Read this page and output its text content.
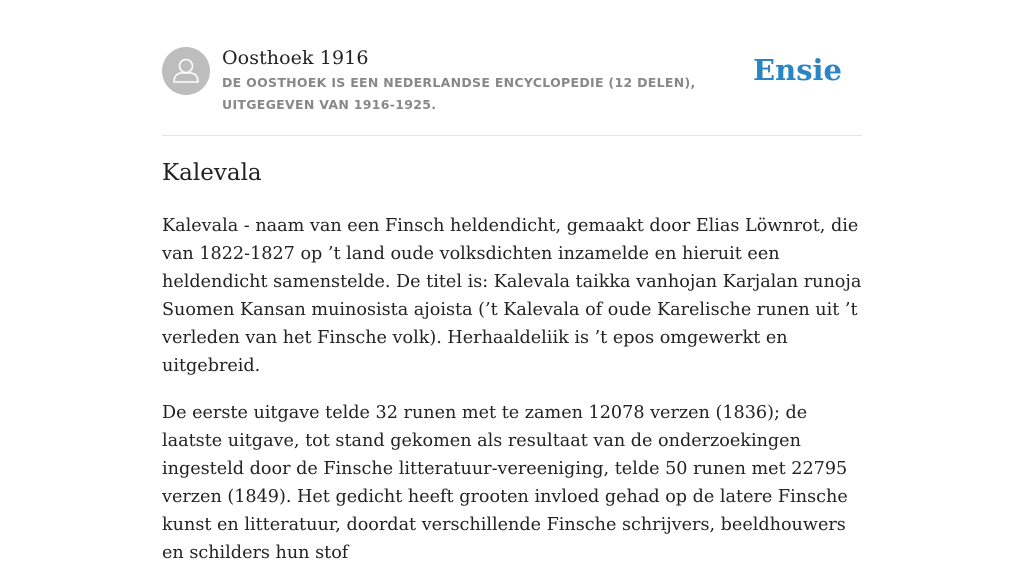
Oosthoek 1916
DE OOSTHOEK IS EEN NEDERLANDSE ENCYCLOPEDIE (12 DELEN), UITGEGEVEN VAN 1916-1925.
Ensie
Kalevala

Kalevala - naam van een Finsch heldendicht, gemaakt door Elias Löwnrot, die van 1822-1827 op ’t land oude volksdichten inzamelde en hieruit een heldendicht samenstelde. De titel is: Kalevala taikka vanhojan Karjalan runoja Suomen Kansan muinosista ajoista (’t Kalevala of oude Karelische runen uit ’t verleden van het Finsche volk). Herhaaldeliik is ’t epos omgewerkt en uitgebreid.

De eerste uitgave telde 32 runen met te zamen 12078 verzen (1836); de laatste uitgave, tot stand gekomen als resultaat van de onderzoekingen ingesteld door de Finsche litteratuur-vereeniging, telde 50 runen met 22795 verzen (1849). Het gedicht heeft grooten invloed gehad op de latere Finsche kunst en litteratuur, doordat verschillende Finsche schrijvers, beeldhouwers en schilders hun stof
